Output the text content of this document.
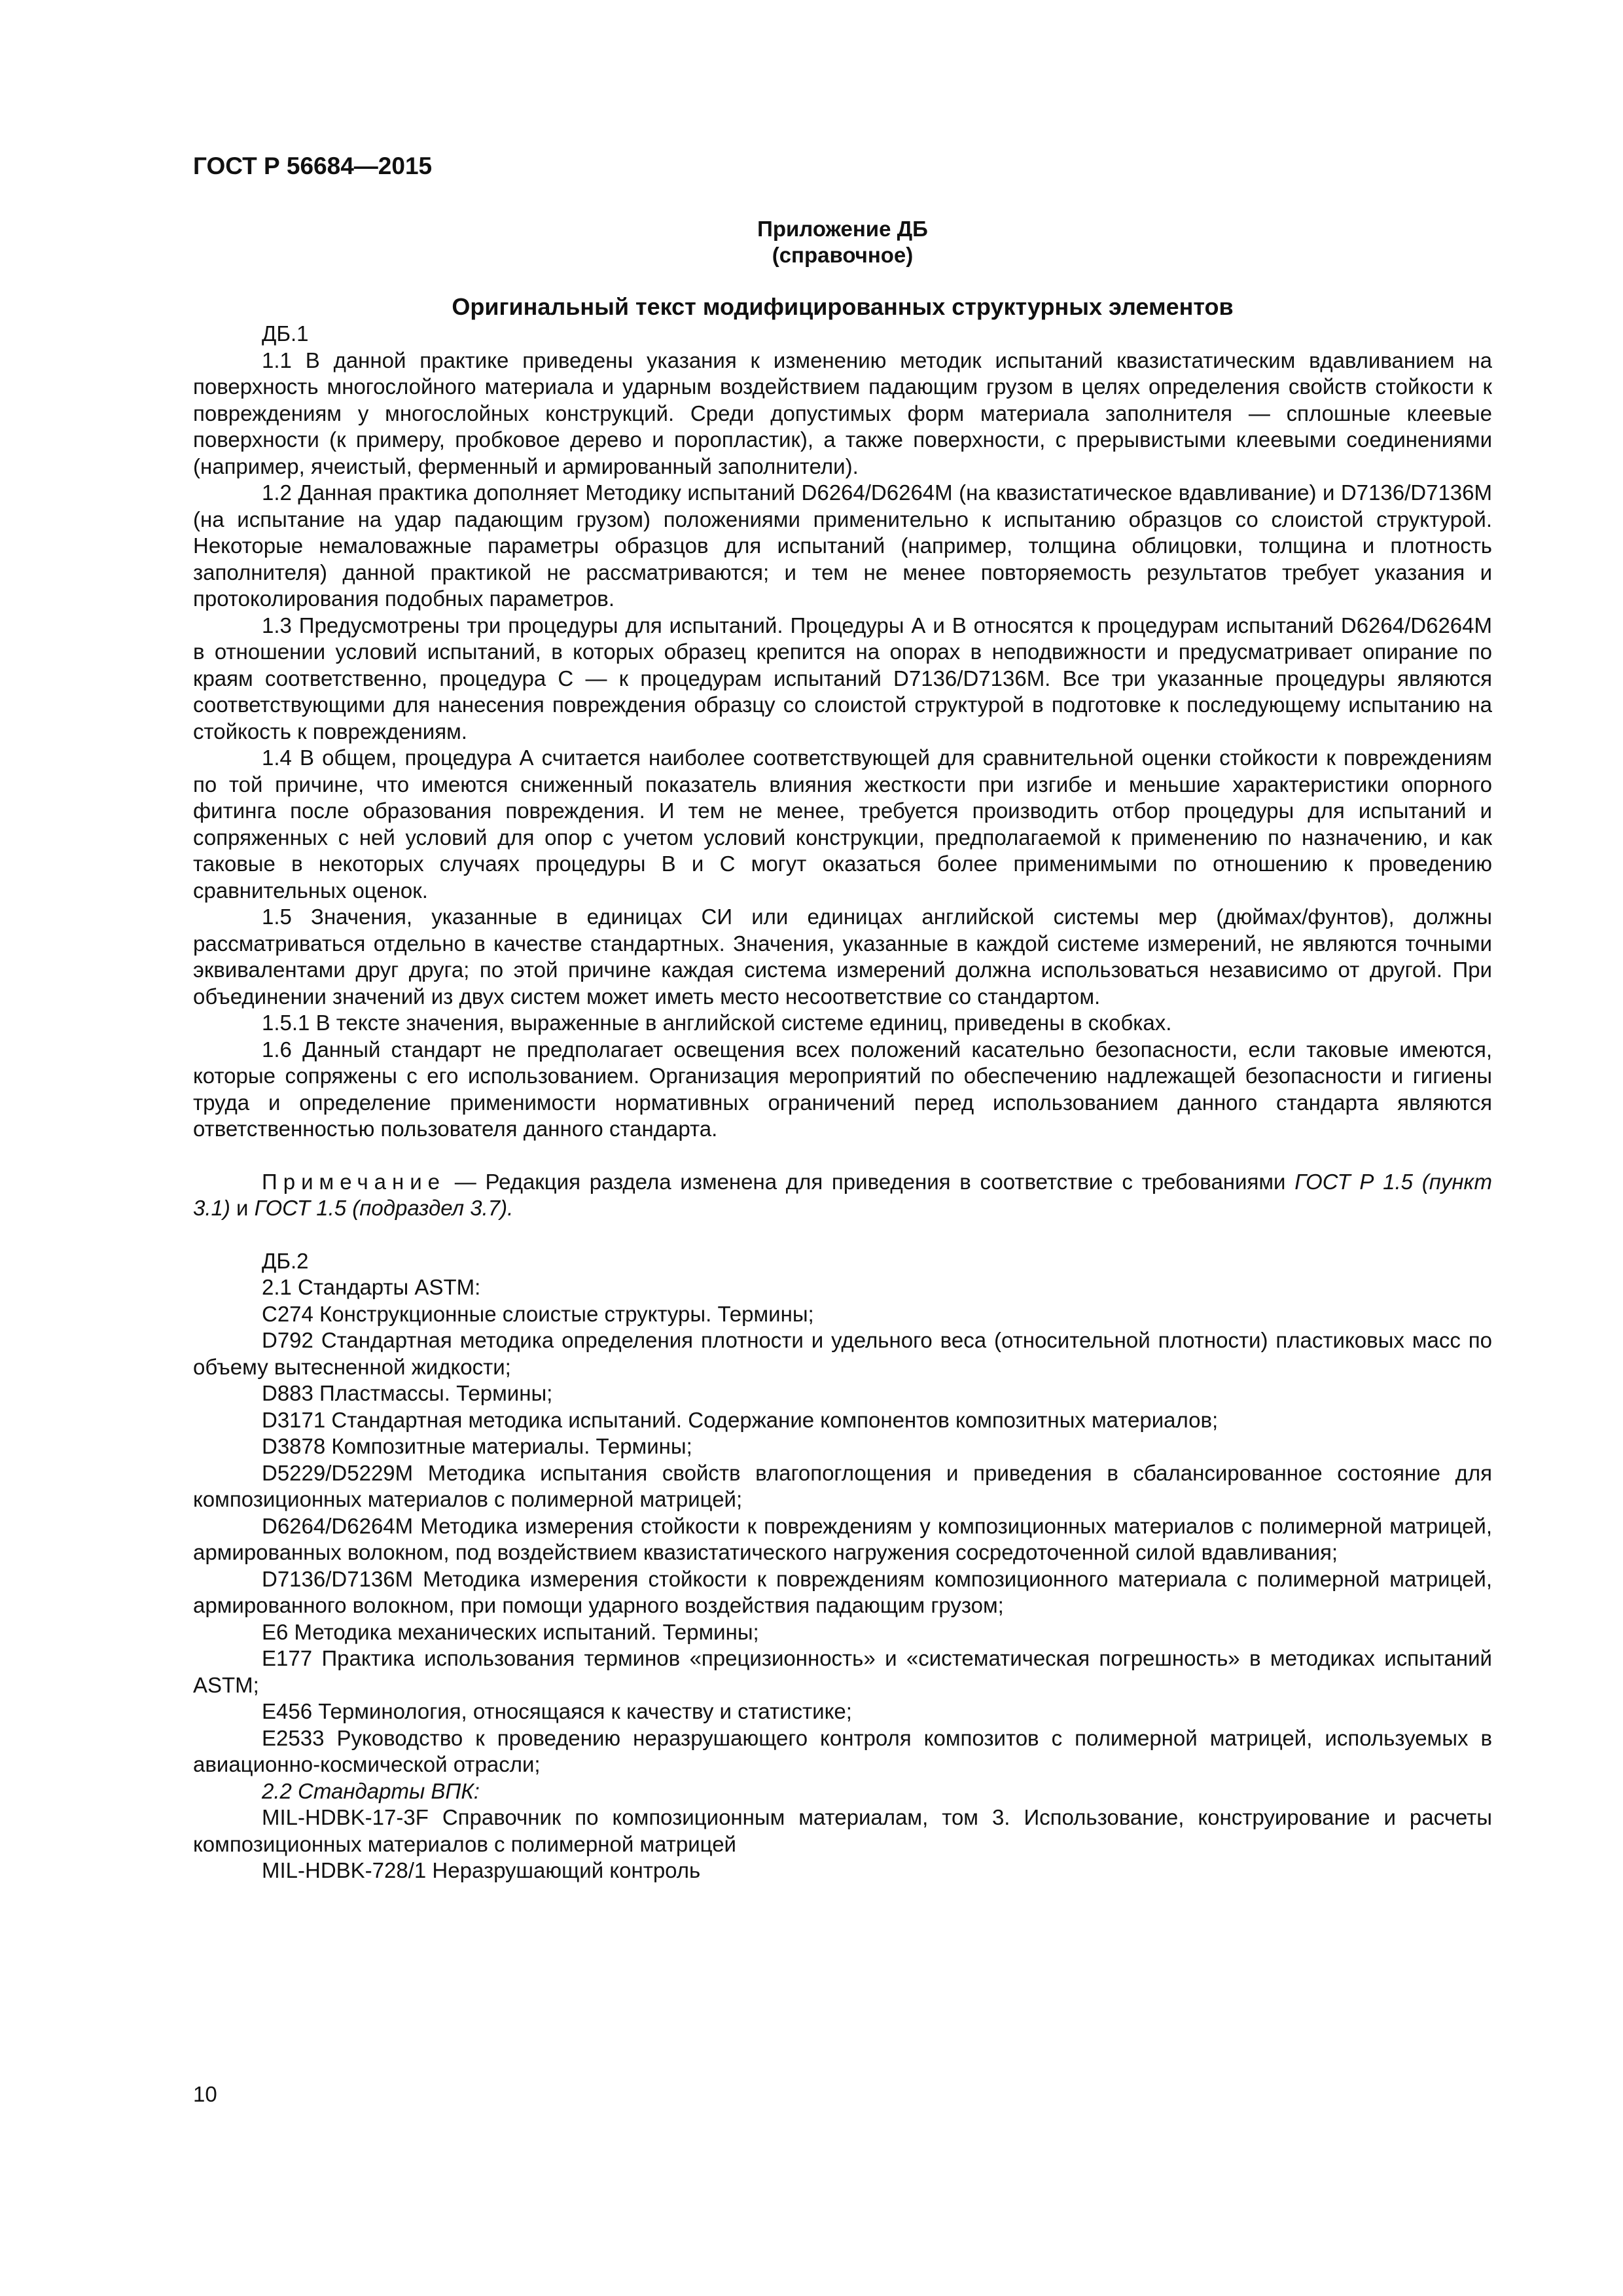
ГОСТ Р 56684—2015
Приложение ДБ
(справочное)
Оригинальный текст модифицированных структурных элементов
ДБ.1
1.1 В данной практике приведены указания к изменению методик испытаний квазистатическим вдавливанием на поверхность многослойного материала и ударным воздействием падающим грузом в целях определения свойств стойкости к повреждениям у многослойных конструкций. Среди допустимых форм материала заполнителя — сплошные клеевые поверхности (к примеру, пробковое дерево и поропластик), а также поверхности, с прерывистыми клеевыми соединениями (например, ячеистый, ферменный и армированный заполнители).
1.2 Данная практика дополняет Методику испытаний D6264/D6264M (на квазистатическое вдавливание) и D7136/D7136M (на испытание на удар падающим грузом) положениями применительно к испытанию образцов со слоистой структурой. Некоторые немаловажные параметры образцов для испытаний (например, толщина облицовки, толщина и плотность заполнителя) данной практикой не рассматриваются; и тем не менее повторяемость результатов требует указания и протоколирования подобных параметров.
1.3 Предусмотрены три процедуры для испытаний. Процедуры А и В относятся к процедурам испытаний D6264/D6264M в отношении условий испытаний, в которых образец крепится на опорах в неподвижности и предусматривает опирание по краям соответственно, процедура С — к процедурам испытаний D7136/D7136M. Все три указанные процедуры являются соответствующими для нанесения повреждения образцу со слоистой структурой в подготовке к последующему испытанию на стойкость к повреждениям.
1.4 В общем, процедура А считается наиболее соответствующей для сравнительной оценки стойкости к повреждениям по той причине, что имеются сниженный показатель влияния жесткости при изгибе и меньшие характеристики опорного фитинга после образования повреждения. И тем не менее, требуется производить отбор процедуры для испытаний и сопряженных с ней условий для опор с учетом условий конструкции, предполагаемой к применению по назначению, и как таковые в некоторых случаях процедуры В и С могут оказаться более применимыми по отношению к проведению сравнительных оценок.
1.5 Значения, указанные в единицах СИ или единицах английской системы мер (дюймах/фунтов), должны рассматриваться отдельно в качестве стандартных. Значения, указанные в каждой системе измерений, не являются точными эквивалентами друг друга; по этой причине каждая система измерений должна использоваться независимо от другой. При объединении значений из двух систем может иметь место несоответствие со стандартом.
1.5.1 В тексте значения, выраженные в английской системе единиц, приведены в скобках.
1.6 Данный стандарт не предполагает освещения всех положений касательно безопасности, если таковые имеются, которые сопряжены с его использованием. Организация мероприятий по обеспечению надлежащей безопасности и гигиены труда и определение применимости нормативных ограничений перед использованием данного стандарта являются ответственностью пользователя данного стандарта.
Примечание — Редакция раздела изменена для приведения в соответствие с требованиями ГОСТ Р 1.5 (пункт 3.1) и ГОСТ 1.5 (подраздел 3.7).
ДБ.2
2.1 Стандарты ASTM:
C274 Конструкционные слоистые структуры. Термины;
D792 Стандартная методика определения плотности и удельного веса (относительной плотности) пластиковых масс по объему вытесненной жидкости;
D883 Пластмассы. Термины;
D3171 Стандартная методика испытаний. Содержание компонентов композитных материалов;
D3878 Композитные материалы. Термины;
D5229/D5229M Методика испытания свойств влагопоглощения и приведения в сбалансированное состояние для композиционных материалов с полимерной матрицей;
D6264/D6264M Методика измерения стойкости к повреждениям у композиционных материалов с полимерной матрицей, армированных волокном, под воздействием квазистатического нагружения сосредоточенной силой вдавливания;
D7136/D7136M Методика измерения стойкости к повреждениям композиционного материала с полимерной матрицей, армированного волокном, при помощи ударного воздействия падающим грузом;
E6 Методика механических испытаний. Термины;
E177 Практика использования терминов «прецизионность» и «систематическая погрешность» в методиках испытаний ASTM;
E456 Терминология, относящаяся к качеству и статистике;
E2533 Руководство к проведению неразрушающего контроля композитов с полимерной матрицей, используемых в авиационно-космической отрасли;
2.2 Стандарты ВПК:
MIL-HDBK-17-3F Справочник по композиционным материалам, том 3. Использование, конструирование и расчеты композиционных материалов с полимерной матрицей
MIL-HDBK-728/1 Неразрушающий контроль
10
